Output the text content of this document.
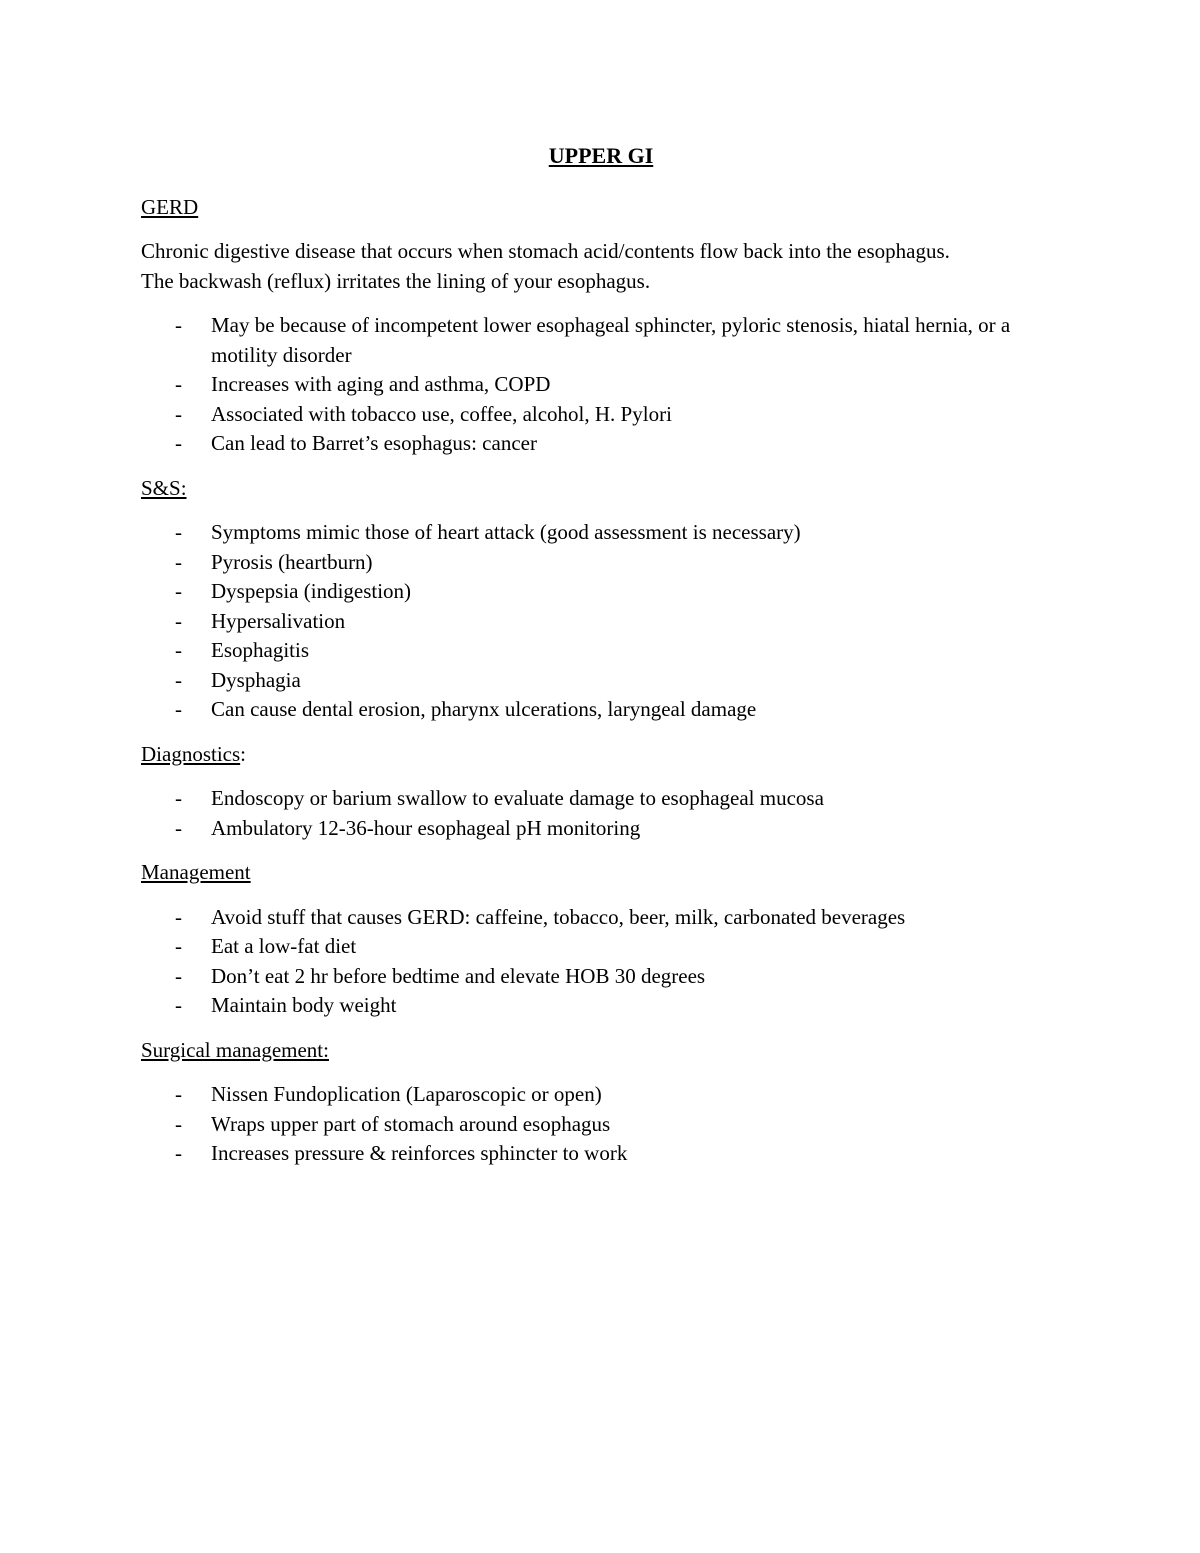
UPPER GI
GERD
Chronic digestive disease that occurs when stomach acid/contents flow back into the esophagus.
The backwash (reflux) irritates the lining of your esophagus.
- May be because of incompetent lower esophageal sphincter, pyloric stenosis, hiatal hernia, or a motility disorder
- Increases with aging and asthma, COPD
- Associated with tobacco use, coffee, alcohol, H. Pylori
- Can lead to Barret’s esophagus: cancer
S&S:
- Symptoms mimic those of heart attack (good assessment is necessary)
- Pyrosis (heartburn)
- Dyspepsia (indigestion)
- Hypersalivation
- Esophagitis
- Dysphagia
- Can cause dental erosion, pharynx ulcerations, laryngeal damage
Diagnostics:
- Endoscopy or barium swallow to evaluate damage to esophageal mucosa
- Ambulatory 12-36-hour esophageal pH monitoring
Management
- Avoid stuff that causes GERD: caffeine, tobacco, beer, milk, carbonated beverages
- Eat a low-fat diet
- Don’t eat 2 hr before bedtime and elevate HOB 30 degrees
- Maintain body weight
Surgical management:
- Nissen Fundoplication (Laparoscopic or open)
- Wraps upper part of stomach around esophagus
- Increases pressure & reinforces sphincter to work
